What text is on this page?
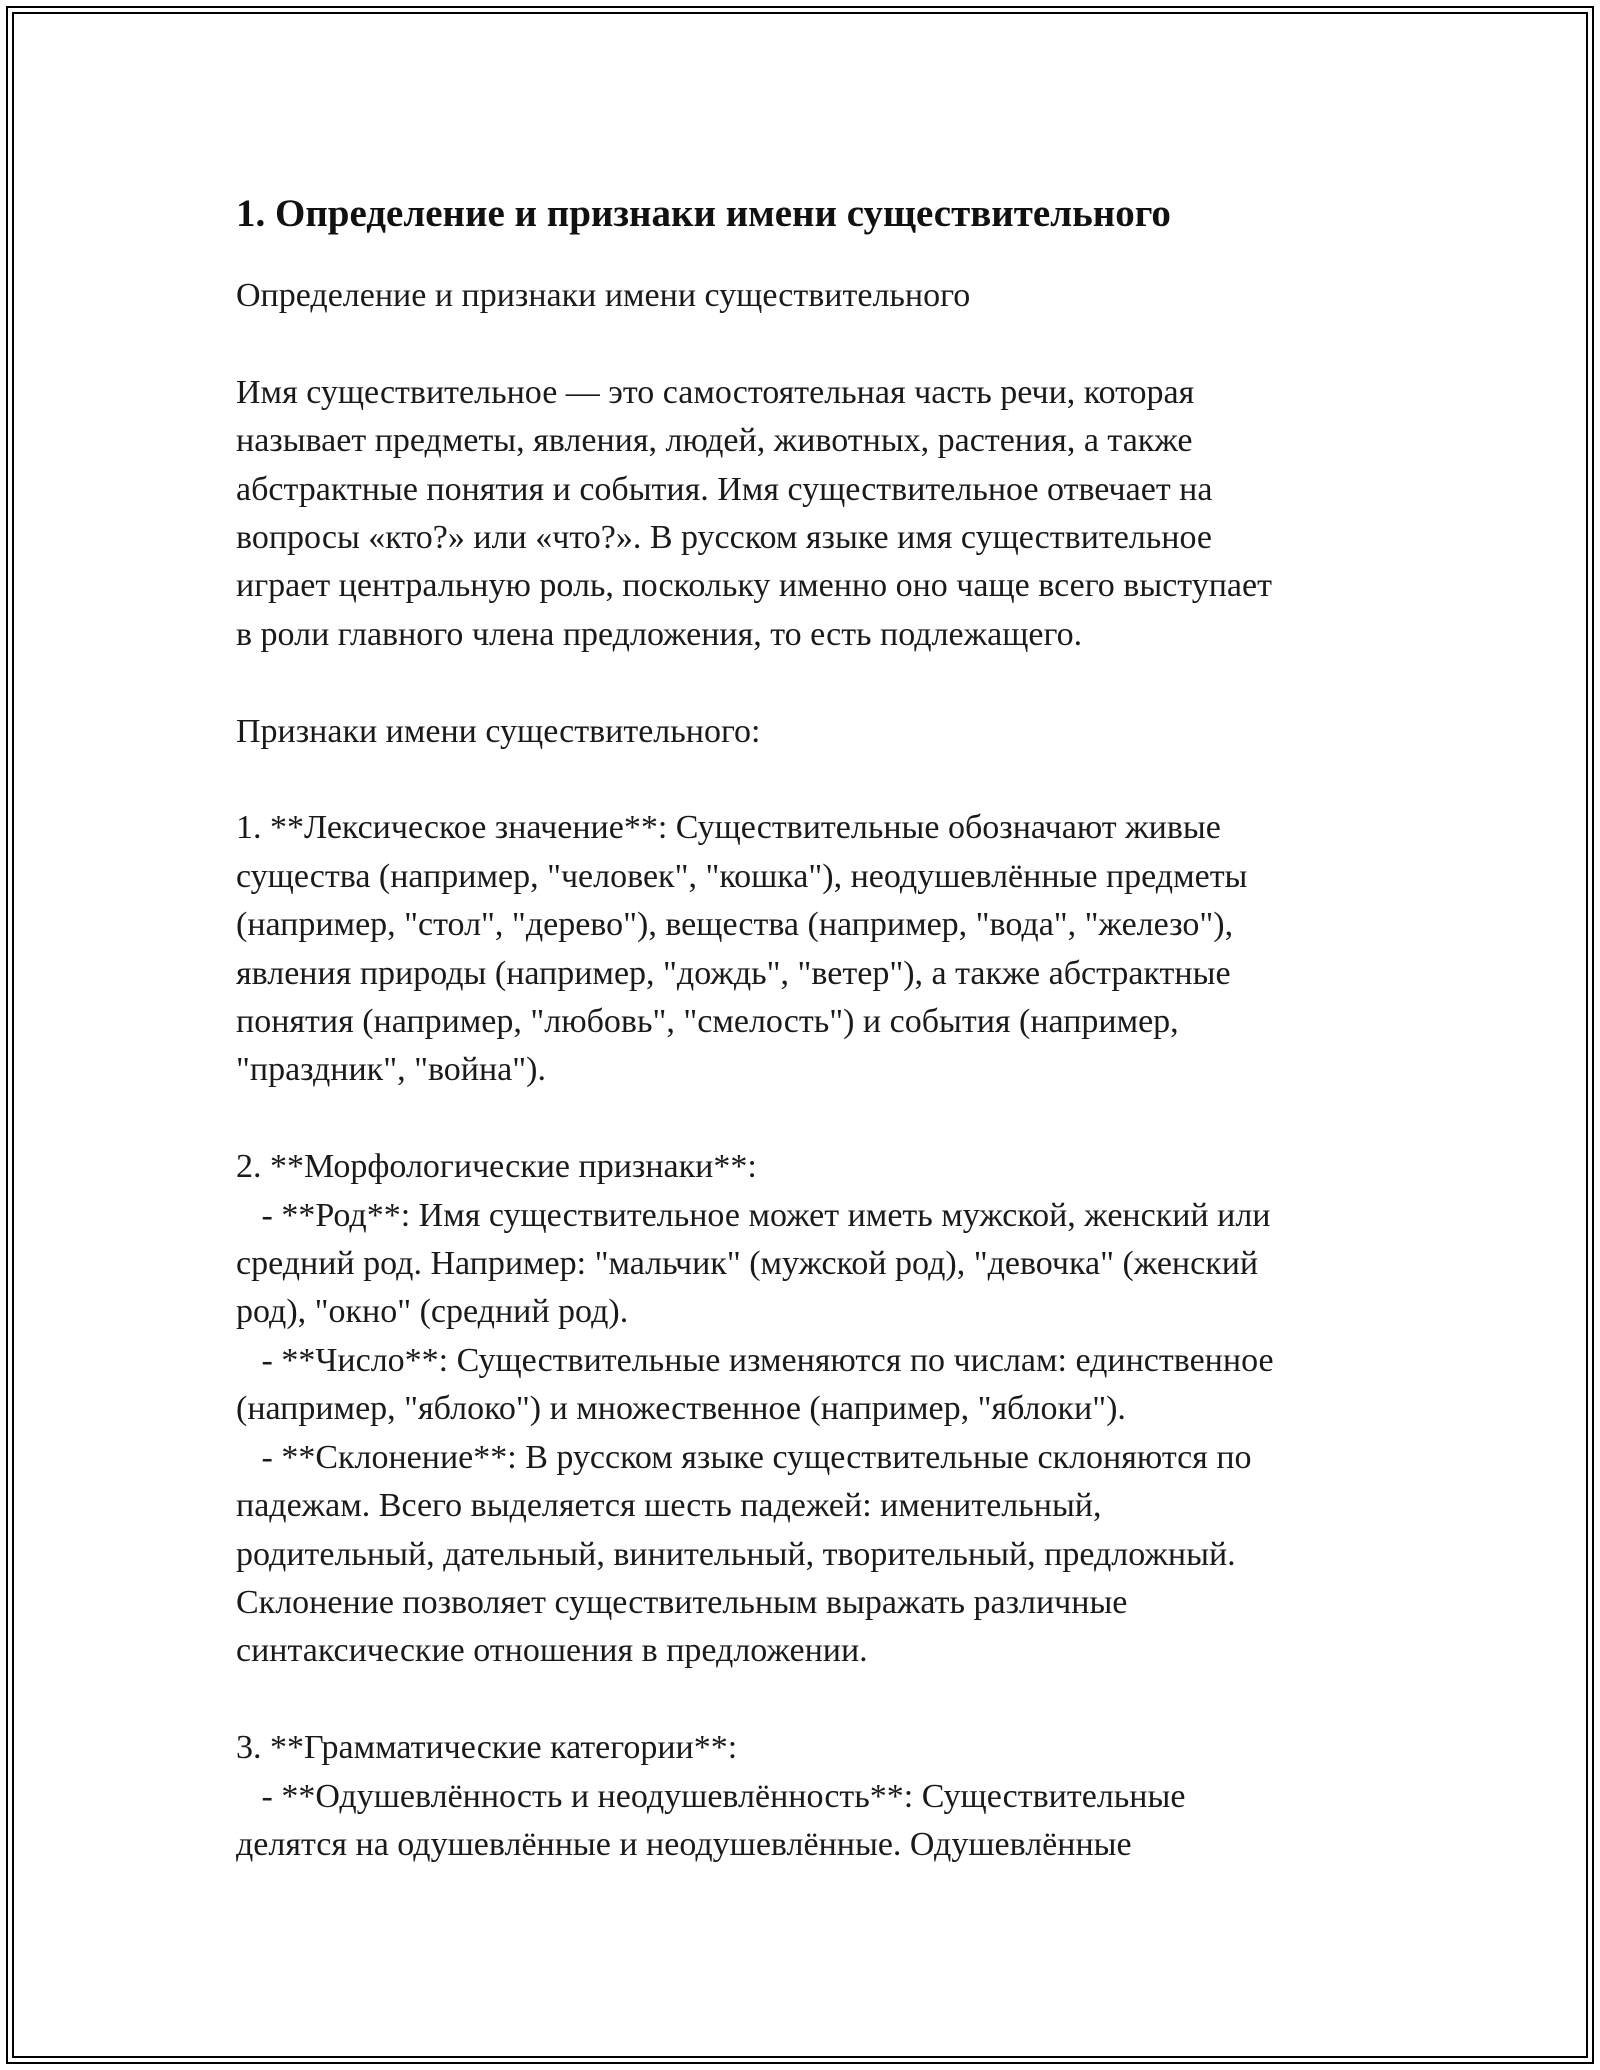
1. Определение и признаки имени существительного

Определение и признаки имени существительного

Имя существительное — это самостоятельная часть речи, которая
называет предметы, явления, людей, животных, растения, а также
абстрактные понятия и события. Имя существительное отвечает на
вопросы «кто?» или «что?». В русском языке имя существительное
играет центральную роль, поскольку именно оно чаще всего выступает
в роли главного члена предложения, то есть подлежащего.

Признаки имени существительного:

1. **Лексическое значение**: Существительные обозначают живые
существа (например, "человек", "кошка"), неодушевлённые предметы
(например, "стол", "дерево"), вещества (например, "вода", "железо"),
явления природы (например, "дождь", "ветер"), а также абстрактные
понятия (например, "любовь", "смелость") и события (например,
"праздник", "война").

2. **Морфологические признаки**:
- **Род**: Имя существительное может иметь мужской, женский или
средний род. Например: "мальчик" (мужской род), "девочка" (женский
род), "окно" (средний род).
- **Число**: Существительные изменяются по числам: единственное
(например, "яблоко") и множественное (например, "яблоки").
- **Склонение**: В русском языке существительные склоняются по
падежам. Всего выделяется шесть падежей: именительный,
родительный, дательный, винительный, творительный, предложный.
Склонение позволяет существительным выражать различные
синтаксические отношения в предложении.

3. **Грамматические категории**:
- **Одушевлённость и неодушевлённость**: Существительные
делятся на одушевлённые и неодушевлённые. Одушевлённые
